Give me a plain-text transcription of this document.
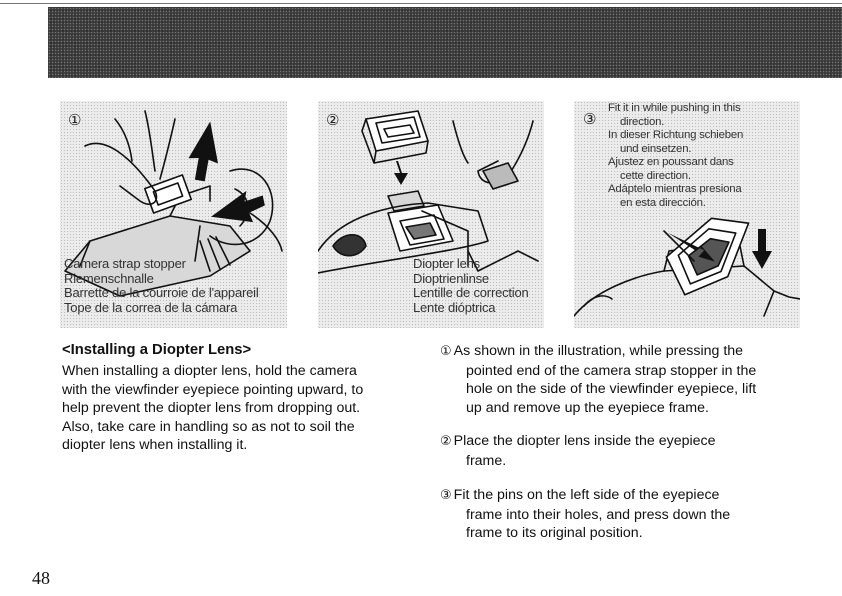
①
Camera strap stopper
Riemenschnalle
Barrette de la courroie de l'appareil
Tope de la correa de la cámara
②
Diopter lens
Dioptrienlinse
Lentille de correction
Lente dióptrica
③
Fit it in while pushing in this
direction.
In dieser Richtung schieben
und einsetzen.
Ajustez en poussant dans
cette direction.
Adáptelo mientras presiona
en esta dirección.
<Installing a Diopter Lens>
When installing a diopter lens, hold the camera
with the viewfinder eyepiece pointing upward, to
help prevent the diopter lens from dropping out.
Also, take care in handling so as not to soil the
diopter lens when installing it.
① As shown in the illustration, while pressing the
pointed end of the camera strap stopper in the
hole on the side of the viewfinder eyepiece, lift
up and remove up the eyepiece frame.
② Place the diopter lens inside the eyepiece
frame.
③ Fit the pins on the left side of the eyepiece
frame into their holes, and press down the
frame to its original position.
48
